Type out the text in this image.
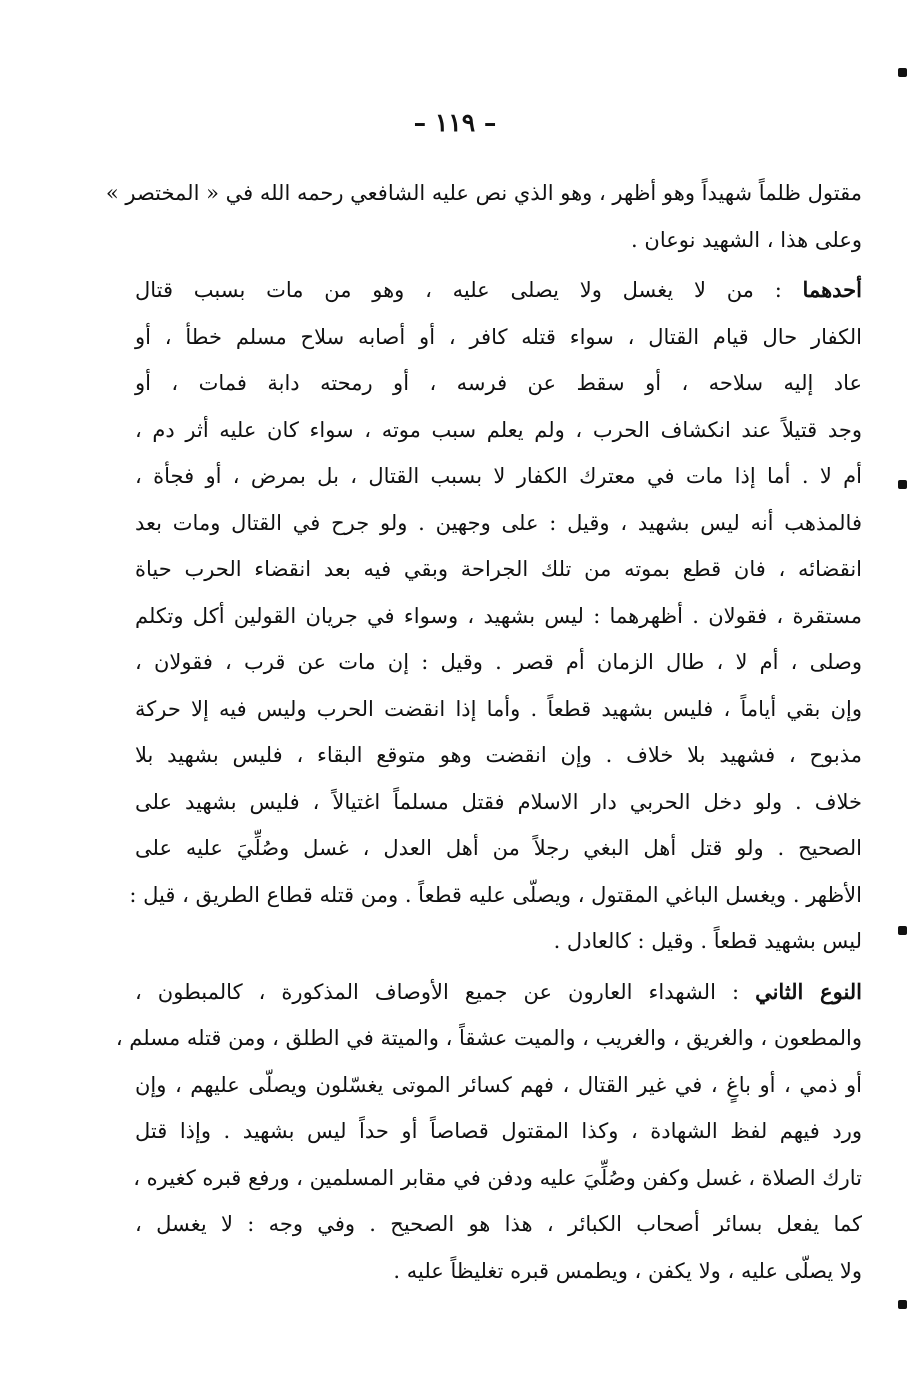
– ١١٩ –
مقتول ظلماً شهيداً وهو أظهر ، وهو الذي نص عليه الشافعي رحمه الله في « المختصر »
وعلى هذا ، الشهيد نوعان .
أحدهما : من لا يغسل ولا يصلى عليه ، وهو من مات بسبب قتال
الكفار حال قيام القتال ، سواء قتله كافر ، أو أصابه سلاح مسلم خطأ ، أو
عاد إليه سلاحه ، أو سقط عن فرسه ، أو رمحته دابة فمات ، أو
وجد قتيلاً عند انكشاف الحرب ، ولم يعلم سبب موته ، سواء كان عليه أثر دم ،
أم لا . أما إذا مات في معترك الكفار لا بسبب القتال ، بل بمرض ، أو فجأة ،
فالمذهب أنه ليس بشهيد ، وقيل : على وجهين . ولو جرح في القتال ومات بعد
انقضائه ، فان قطع بموته من تلك الجراحة وبقي فيه بعد انقضاء الحرب حياة
مستقرة ، فقولان . أظهرهما : ليس بشهيد ، وسواء في جريان القولين أكل وتكلم
وصلى ، أم لا ، طال الزمان أم قصر . وقيل : إن مات عن قرب ، فقولان ،
وإن بقي أياماً ، فليس بشهيد قطعاً . وأما إذا انقضت الحرب وليس فيه إلا حركة
مذبوح ، فشهيد بلا خلاف . وإن انقضت وهو متوقع البقاء ، فليس بشهيد بلا
خلاف . ولو دخل الحربي دار الاسلام فقتل مسلماً اغتيالاً ، فليس بشهيد على
الصحيح . ولو قتل أهل البغي رجلاً من أهل العدل ، غسل وصُلِّيَ عليه على
الأظهر . ويغسل الباغي المقتول ، ويصلّى عليه قطعاً . ومن قتله قطاع الطريق ، قيل :
ليس بشهيد قطعاً . وقيل : كالعادل .
النوع الثاني : الشهداء العارون عن جميع الأوصاف المذكورة ، كالمبطون ،
والمطعون ، والغريق ، والغريب ، والميت عشقاً ، والميتة في الطلق ، ومن قتله مسلم ،
أو ذمي ، أو باغٍ ، في غير القتال ، فهم كسائر الموتى يغسّلون ويصلّى عليهم ، وإن
ورد فيهم لفظ الشهادة ، وكذا المقتول قصاصاً أو حداً ليس بشهيد . وإذا قتل
تارك الصلاة ، غسل وكفن وصُلِّيَ عليه ودفن في مقابر المسلمين ، ورفع قبره كغيره ،
كما يفعل بسائر أصحاب الكبائر ، هذا هو الصحيح . وفي وجه : لا يغسل ،
ولا يصلّى عليه ، ولا يكفن ، ويطمس قبره تغليظاً عليه .
